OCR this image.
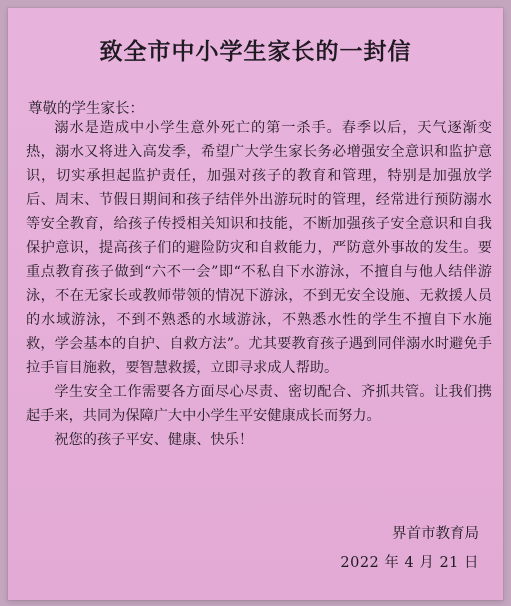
致全市中小学生家长的一封信
尊敬的学生家长：

溺水是造成中小学生意外死亡的第一杀手。春季以后，天气逐渐变热，溺水又将进入高发季，希望广大学生家长务必增强安全意识和监护意识，切实承担起监护责任，加强对孩子的教育和管理，特别是加强放学后、周末、节假日期间和孩子结伴外出游玩时的管理，经常进行预防溺水等安全教育，给孩子传授相关知识和技能，不断加强孩子安全意识和自我保护意识，提高孩子们的避险防灾和自救能力，严防意外事故的发生。要重点教育孩子做到“六不一会”即“不私自下水游泳，不擅自与他人结伴游泳，不在无家长或教师带领的情况下游泳，不到无安全设施、无救援人员的水域游泳，不到不熟悉的水域游泳，不熟悉水性的学生不擅自下水施救，学会基本的自护、自救方法”。尤其要教育孩子遇到同伴溺水时避免手拉手盲目施救，要智慧救援，立即寻求成人帮助。

学生安全工作需要各方面尽心尽责、密切配合、齐抓共管。让我们携起手来，共同为保障广大中小学生平安健康成长而努力。

祝您的孩子平安、健康、快乐！

界首市教育局
2022 年 4 月 21 日
